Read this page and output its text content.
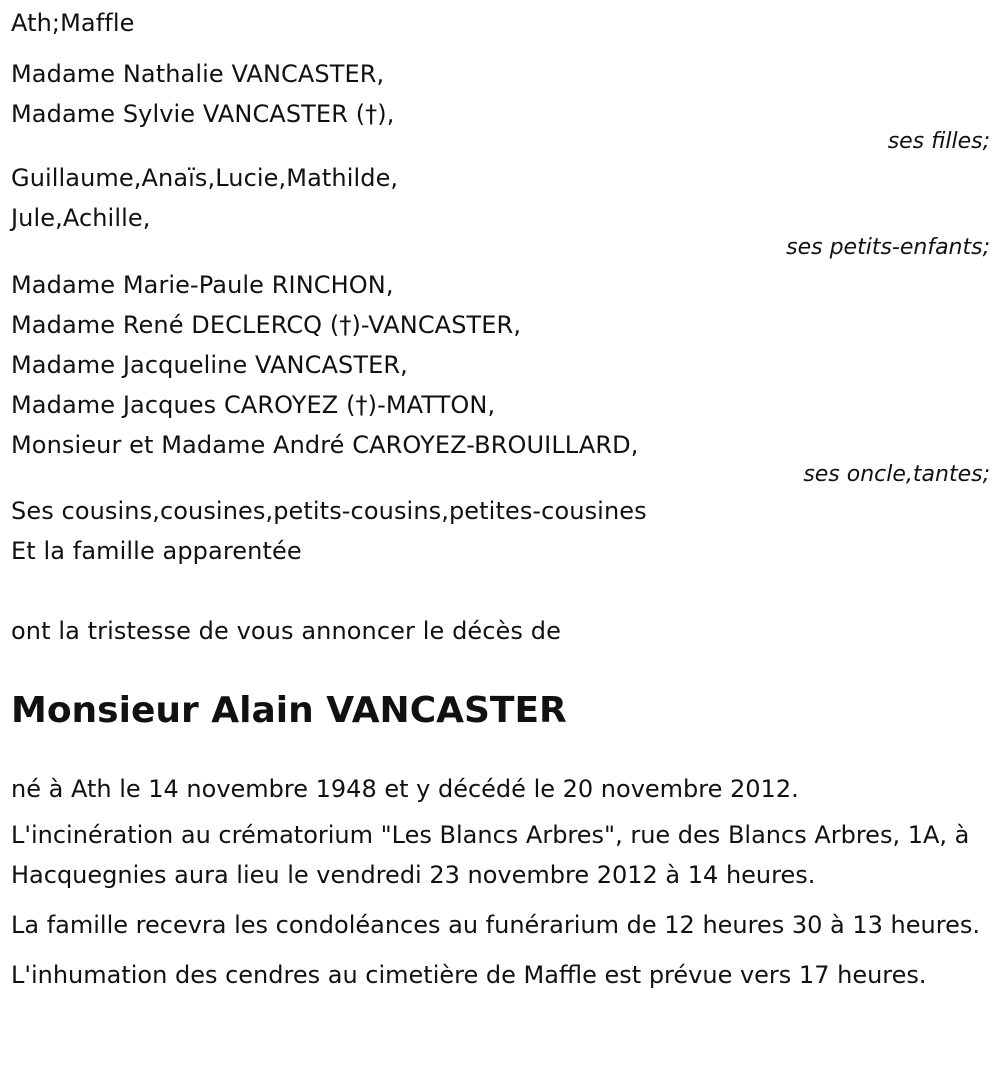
Ath;Maffle
Madame Nathalie VANCASTER,
Madame Sylvie VANCASTER (†),
ses filles;
Guillaume,Anaïs,Lucie,Mathilde,
Jule,Achille,
ses petits-enfants;
Madame Marie-Paule RINCHON,
Madame René DECLERCQ (†)-VANCASTER,
Madame Jacqueline VANCASTER,
Madame Jacques CAROYEZ (†)-MATTON,
Monsieur et Madame André CAROYEZ-BROUILLARD,
ses oncle,tantes;
Ses cousins,cousines,petits-cousins,petites-cousines
Et la famille apparentée
ont la tristesse de vous annoncer le décès de
Monsieur Alain VANCASTER
né à Ath le 14 novembre 1948 et y décédé le 20 novembre 2012.
L'incinération au crématorium "Les Blancs Arbres", rue des Blancs Arbres, 1A, à Hacquegnies aura lieu le vendredi 23 novembre 2012 à 14 heures.
La famille recevra les condoléances au funérarium de 12 heures 30 à 13 heures.
L'inhumation des cendres au cimetière de Maffle est prévue vers 17 heures.
